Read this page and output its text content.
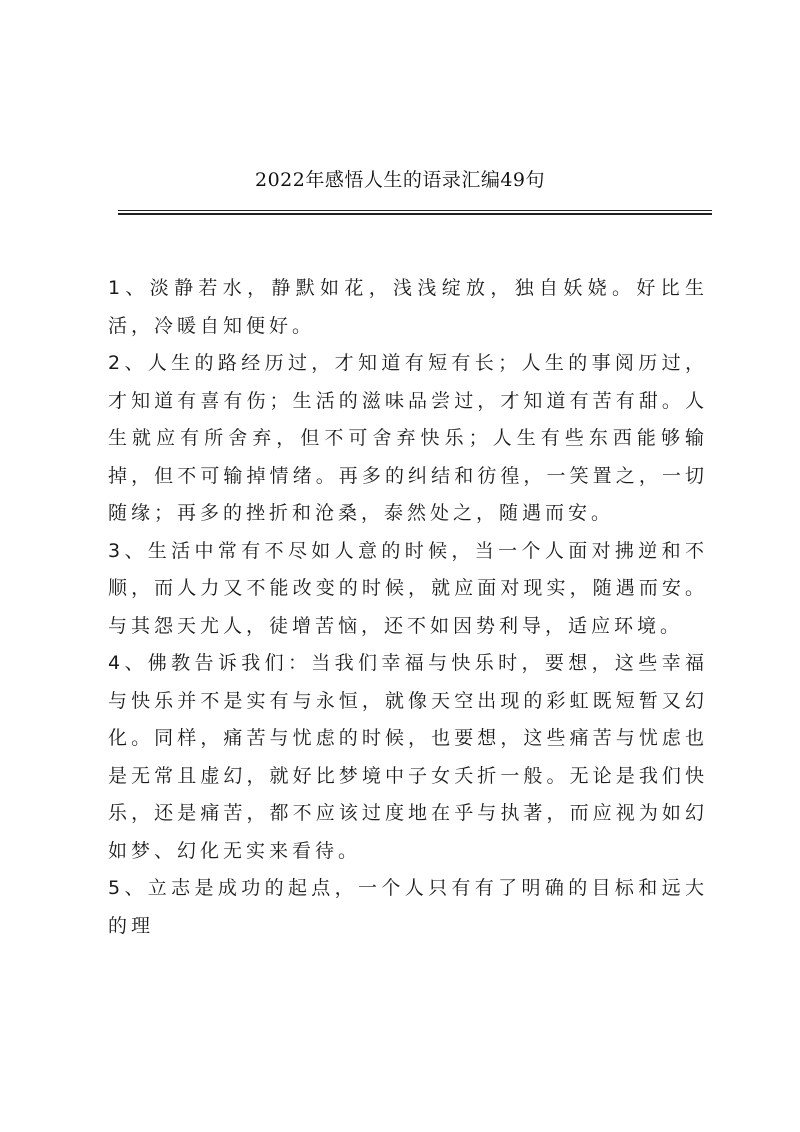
2022年感悟人生的语录汇编49句

1、淡静若水，静默如花，浅浅绽放，独自妖娆。好比生活，冷暖自知便好。

2、人生的路经历过，才知道有短有长；人生的事阅历过，才知道有喜有伤；生活的滋味品尝过，才知道有苦有甜。人生就应有所舍弃，但不可舍弃快乐；人生有些东西能够输掉，但不可输掉情绪。再多的纠结和彷徨，一笑置之，一切随缘；再多的挫折和沧桑，泰然处之，随遇而安。

3、生活中常有不尽如人意的时候，当一个人面对拂逆和不顺，而人力又不能改变的时候，就应面对现实，随遇而安。与其怨天尤人，徒增苦恼，还不如因势利导，适应环境。

4、佛教告诉我们：当我们幸福与快乐时，要想，这些幸福与快乐并不是实有与永恒，就像天空出现的彩虹既短暂又幻化。同样，痛苦与忧虑的时候，也要想，这些痛苦与忧虑也是无常且虚幻，就好比梦境中子女夭折一般。无论是我们快乐，还是痛苦，都不应该过度地在乎与执著，而应视为如幻如梦、幻化无实来看待。

5、立志是成功的起点，一个人只有有了明确的目标和远大的理
